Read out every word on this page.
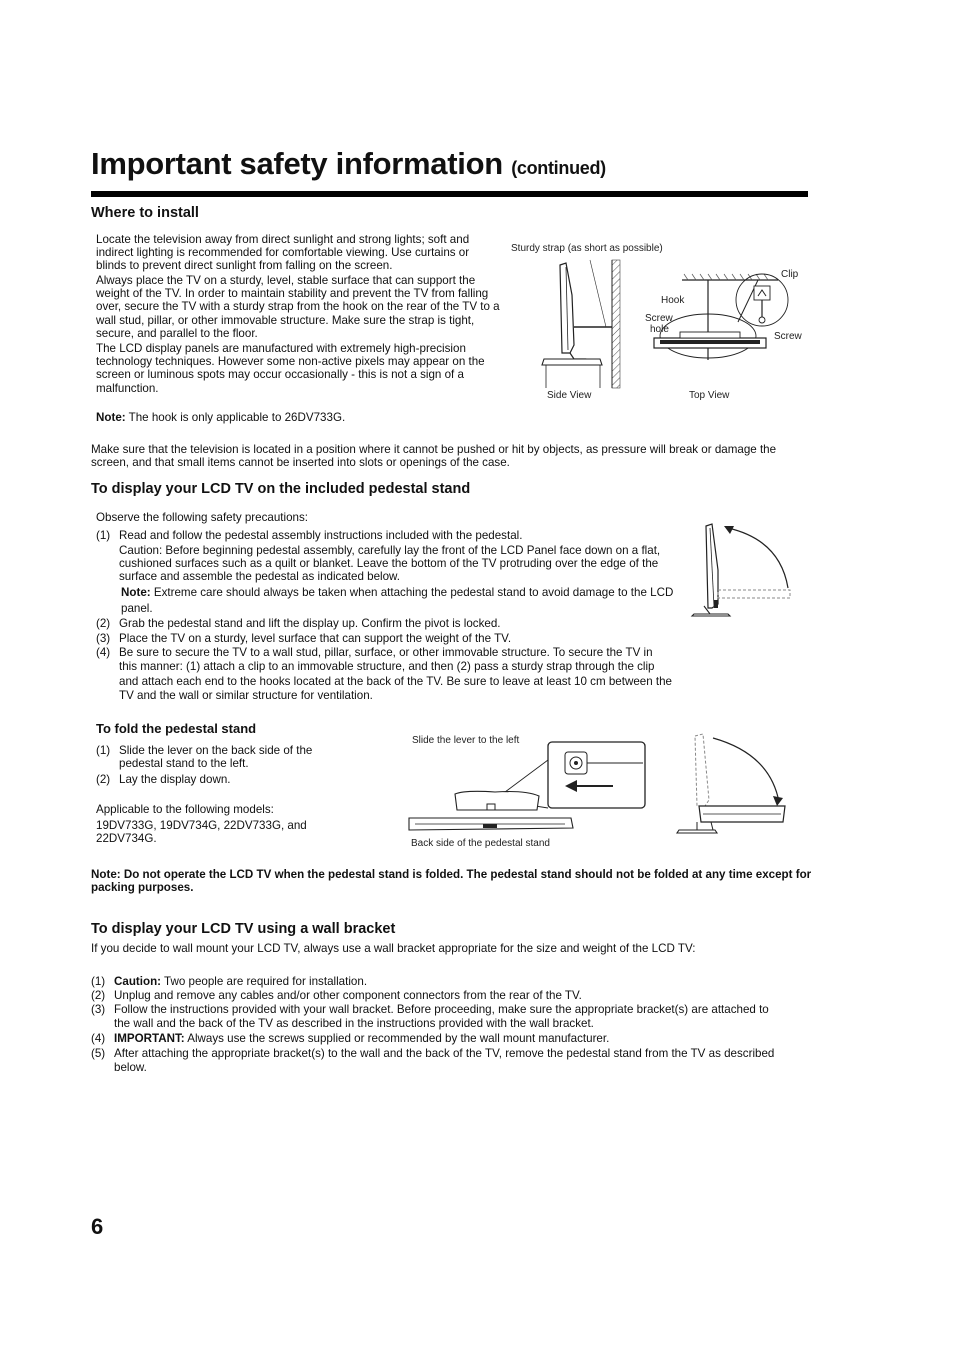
Important safety information (continued)
Where to install
Locate the television away from direct sunlight and strong lights; soft and indirect lighting is recommended for comfortable viewing. Use curtains or blinds to prevent direct sunlight from falling on the screen.
Always place the TV on a sturdy, level, stable surface that can support the weight of the TV. In order to maintain stability and prevent the TV from falling over, secure the TV with a sturdy strap from the hook on the rear of the TV to a wall stud, pillar, or other immovable structure. Make sure the strap is tight, secure, and parallel to the floor.
The LCD display panels are manufactured with extremely high-precision technology techniques. However some non-active pixels may appear on the screen or luminous spots may occur occasionally - this is not a sign of a malfunction.
Note: The hook is only applicable to 26DV733G.
Sturdy strap (as short as possible)
Clip
Hook
Screw
hole
Screw
Side View	Top View
Make sure that the television is located in a position where it cannot be pushed or hit by objects, as pressure will break or damage the screen, and that small items cannot be inserted into slots or openings of the case.
To display your LCD TV on the included pedestal stand
Observe the following safety precautions:
(1) Read and follow the pedestal assembly instructions included with the pedestal.
Caution: Before beginning pedestal assembly, carefully lay the front of the LCD Panel face down on a flat, cushioned surfaces such as a quilt or blanket. Leave the bottom of the TV protruding over the edge of the surface and assemble the pedestal as indicated below.
Note: Extreme care should always be taken when attaching the pedestal stand to avoid damage to the LCD panel.
(2) Grab the pedestal stand and lift the display up. Confirm the pivot is locked.
(3) Place the TV on a sturdy, level surface that can support the weight of the TV.
(4) Be sure to secure the TV to a wall stud, pillar, surface, or other immovable structure. To secure the TV in this manner: (1) attach a clip to an immovable structure, and then (2) pass a sturdy strap through the clip and attach each end to the hooks located at the back of the TV. Be sure to leave at least 10 cm between the TV and the wall or similar structure for ventilation.
To fold the pedestal stand
(1) Slide the lever on the back side of the pedestal stand to the left.
(2) Lay the display down.
Applicable to the following models:
19DV733G, 19DV734G, 22DV733G, and 22DV734G.
Slide the lever to the left
Back side of the pedestal stand
Note: Do not operate the LCD TV when the pedestal stand is folded. The pedestal stand should not be folded at any time except for packing purposes.
To display your LCD TV using a wall bracket
If you decide to wall mount your LCD TV, always use a wall bracket appropriate for the size and weight of the LCD TV:
(1) Caution: Two people are required for installation.
(2) Unplug and remove any cables and/or other component connectors from the rear of the TV.
(3) Follow the instructions provided with your wall bracket. Before proceeding, make sure the appropriate bracket(s) are attached to the wall and the back of the TV as described in the instructions provided with the wall bracket.
(4) IMPORTANT: Always use the screws supplied or recommended by the wall mount manufacturer.
(5) After attaching the appropriate bracket(s) to the wall and the back of the TV, remove the pedestal stand from the TV as described below.
6
